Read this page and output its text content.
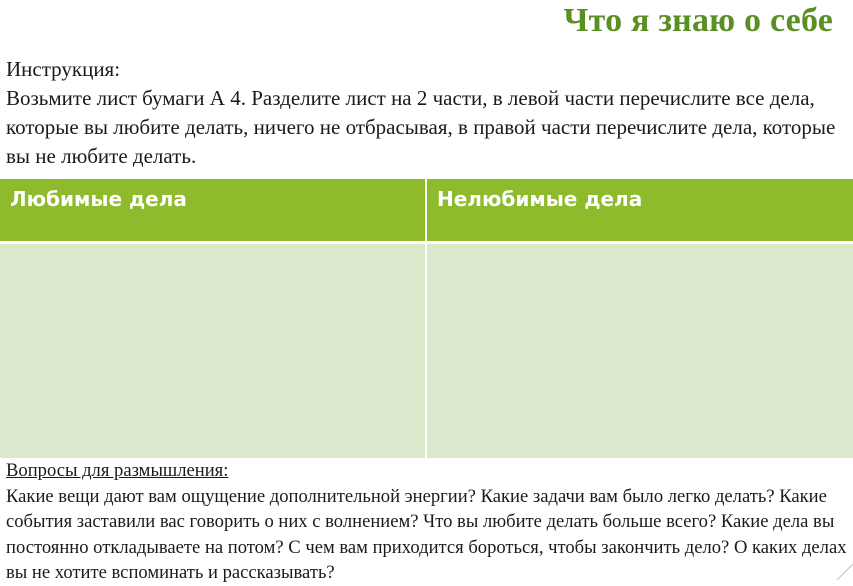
Что я знаю о себе

Инструкция:

Возьмите лист бумаги А 4. Разделите лист на 2 части, в левой части перечислите все дела, которые вы любите делать, ничего не отбрасывая, в правой части перечислите дела, которые вы не любите делать.

Любимые дела	Нелюбимые дела

Вопросы для размышления:

Какие вещи дают вам ощущение дополнительной энергии? Какие задачи вам было легко делать? Какие события заставили вас говорить о них с волнением? Что вы любите делать больше всего? Какие дела вы постоянно откладываете на потом? С чем вам приходится бороться, чтобы закончить дело? О каких делах вы не хотите вспоминать и рассказывать?
